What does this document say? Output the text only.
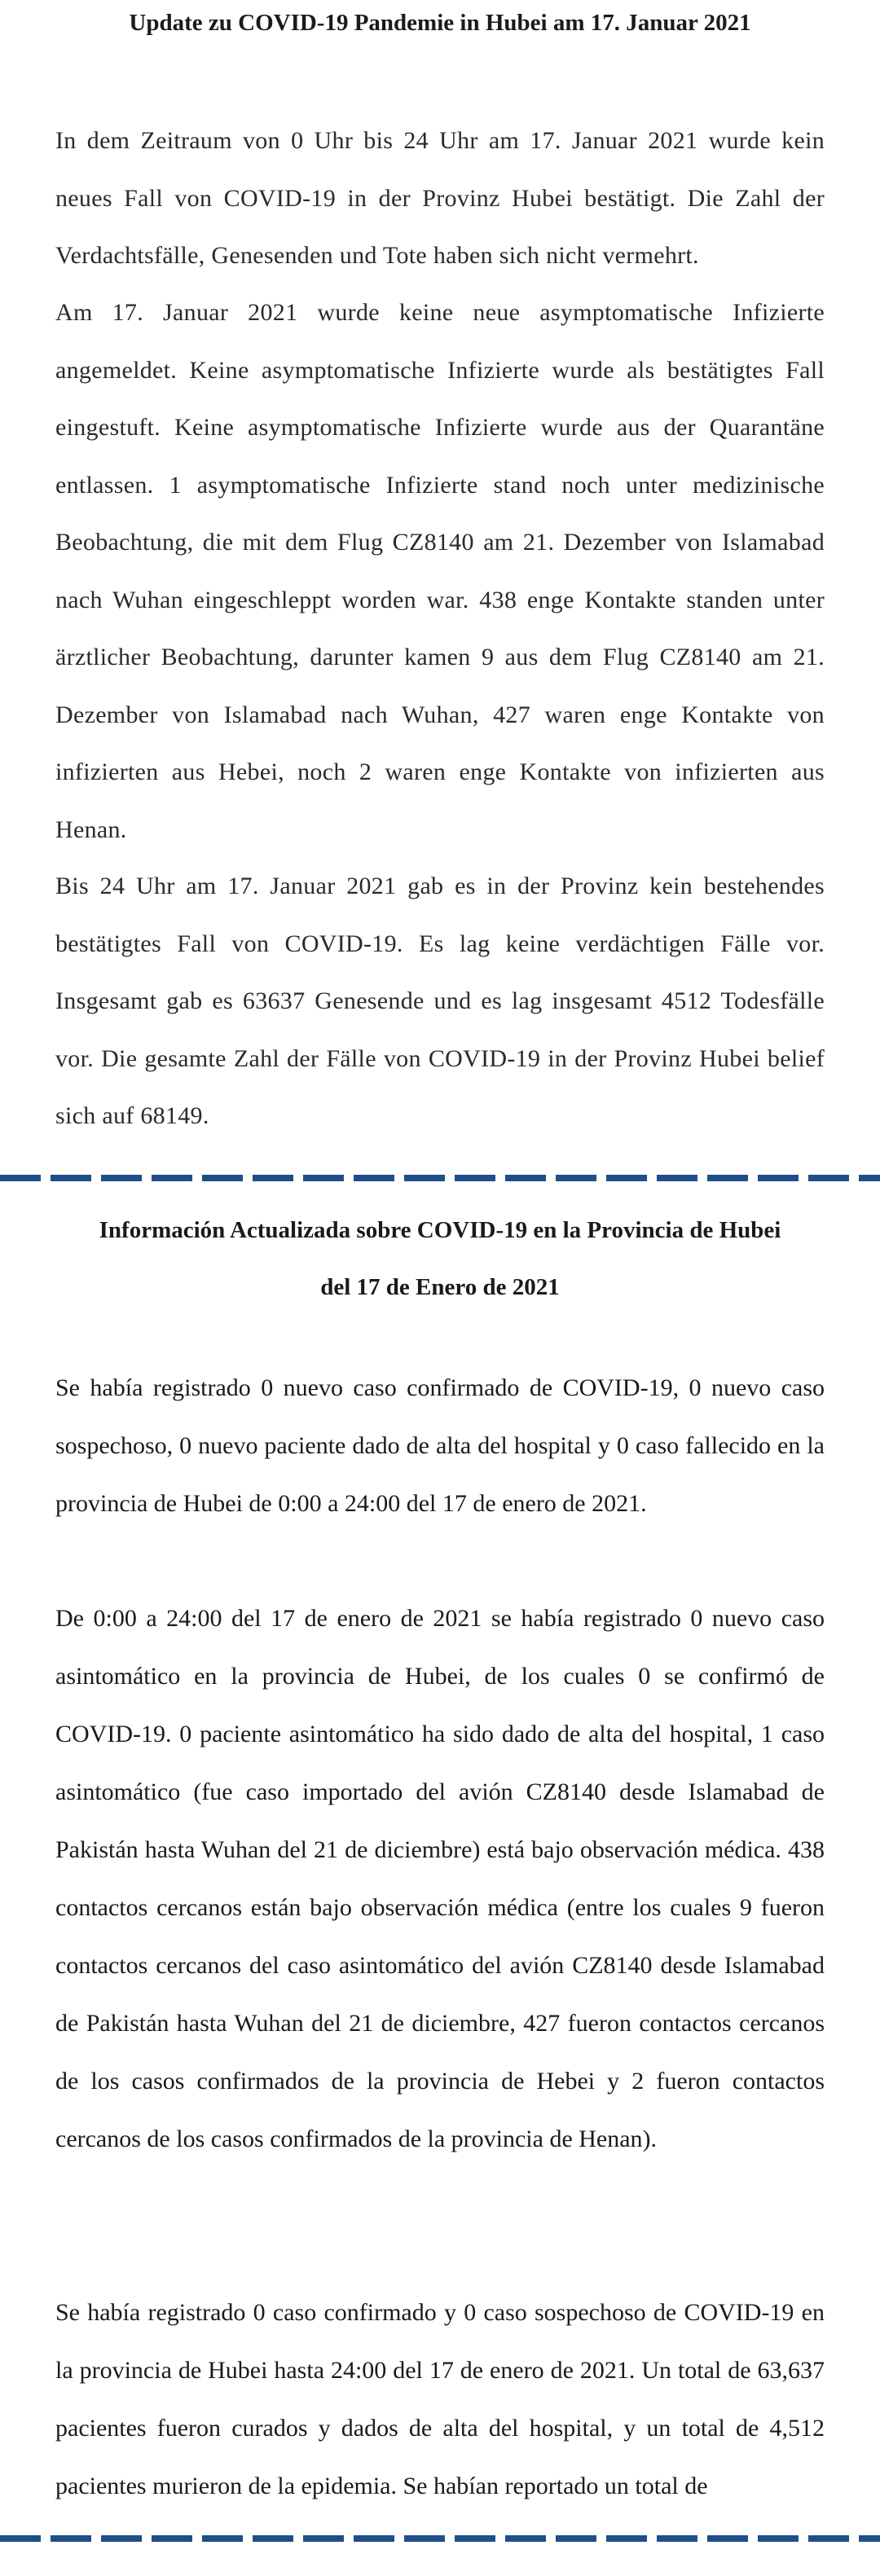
Update zu COVID-19 Pandemie in Hubei am 17. Januar 2021

In dem Zeitraum von 0 Uhr bis 24 Uhr am 17. Januar 2021 wurde kein neues Fall von COVID-19 in der Provinz Hubei bestätigt. Die Zahl der Verdachtsfälle, Genesenden und Tote haben sich nicht vermehrt.

Am 17. Januar 2021 wurde keine neue asymptomatische Infizierte angemeldet. Keine asymptomatische Infizierte wurde als bestätigtes Fall eingestuft. Keine asymptomatische Infizierte wurde aus der Quarantäne entlassen. 1 asymptomatische Infizierte stand noch unter medizinische Beobachtung, die mit dem Flug CZ8140 am 21. Dezember von Islamabad nach Wuhan eingeschleppt worden war. 438 enge Kontakte standen unter ärztlicher Beobachtung, darunter kamen 9 aus dem Flug CZ8140 am 21. Dezember von Islamabad nach Wuhan, 427 waren enge Kontakte von infizierten aus Hebei, noch 2 waren enge Kontakte von infizierten aus Henan.

Bis 24 Uhr am 17. Januar 2021 gab es in der Provinz kein bestehendes bestätigtes Fall von COVID-19. Es lag keine verdächtigen Fälle vor. Insgesamt gab es 63637 Genesende und es lag insgesamt 4512 Todesfälle vor. Die gesamte Zahl der Fälle von COVID-19 in der Provinz Hubei belief sich auf 68149.

Información Actualizada sobre COVID-19 en la Provincia de Hubei
del 17 de Enero de 2021

Se había registrado 0 nuevo caso confirmado de COVID-19, 0 nuevo caso sospechoso, 0 nuevo paciente dado de alta del hospital y 0 caso fallecido en la provincia de Hubei de 0:00 a 24:00 del 17 de enero de 2021.

De 0:00 a 24:00 del 17 de enero de 2021 se había registrado 0 nuevo caso asintomático en la provincia de Hubei, de los cuales 0 se confirmó de COVID-19. 0 paciente asintomático ha sido dado de alta del hospital, 1 caso asintomático (fue caso importado del avión CZ8140 desde Islamabad de Pakistán hasta Wuhan del 21 de diciembre) está bajo observación médica. 438 contactos cercanos están bajo observación médica (entre los cuales 9 fueron contactos cercanos del caso asintomático del avión CZ8140 desde Islamabad de Pakistán hasta Wuhan del 21 de diciembre, 427 fueron contactos cercanos de los casos confirmados de la provincia de Hebei y 2 fueron contactos cercanos de los casos confirmados de la provincia de Henan).

Se había registrado 0 caso confirmado y 0 caso sospechoso de COVID-19 en la provincia de Hubei hasta 24:00 del 17 de enero de 2021. Un total de 63,637 pacientes fueron curados y dados de alta del hospital, y un total de 4,512 pacientes murieron de la epidemia. Se habían reportado un total de
